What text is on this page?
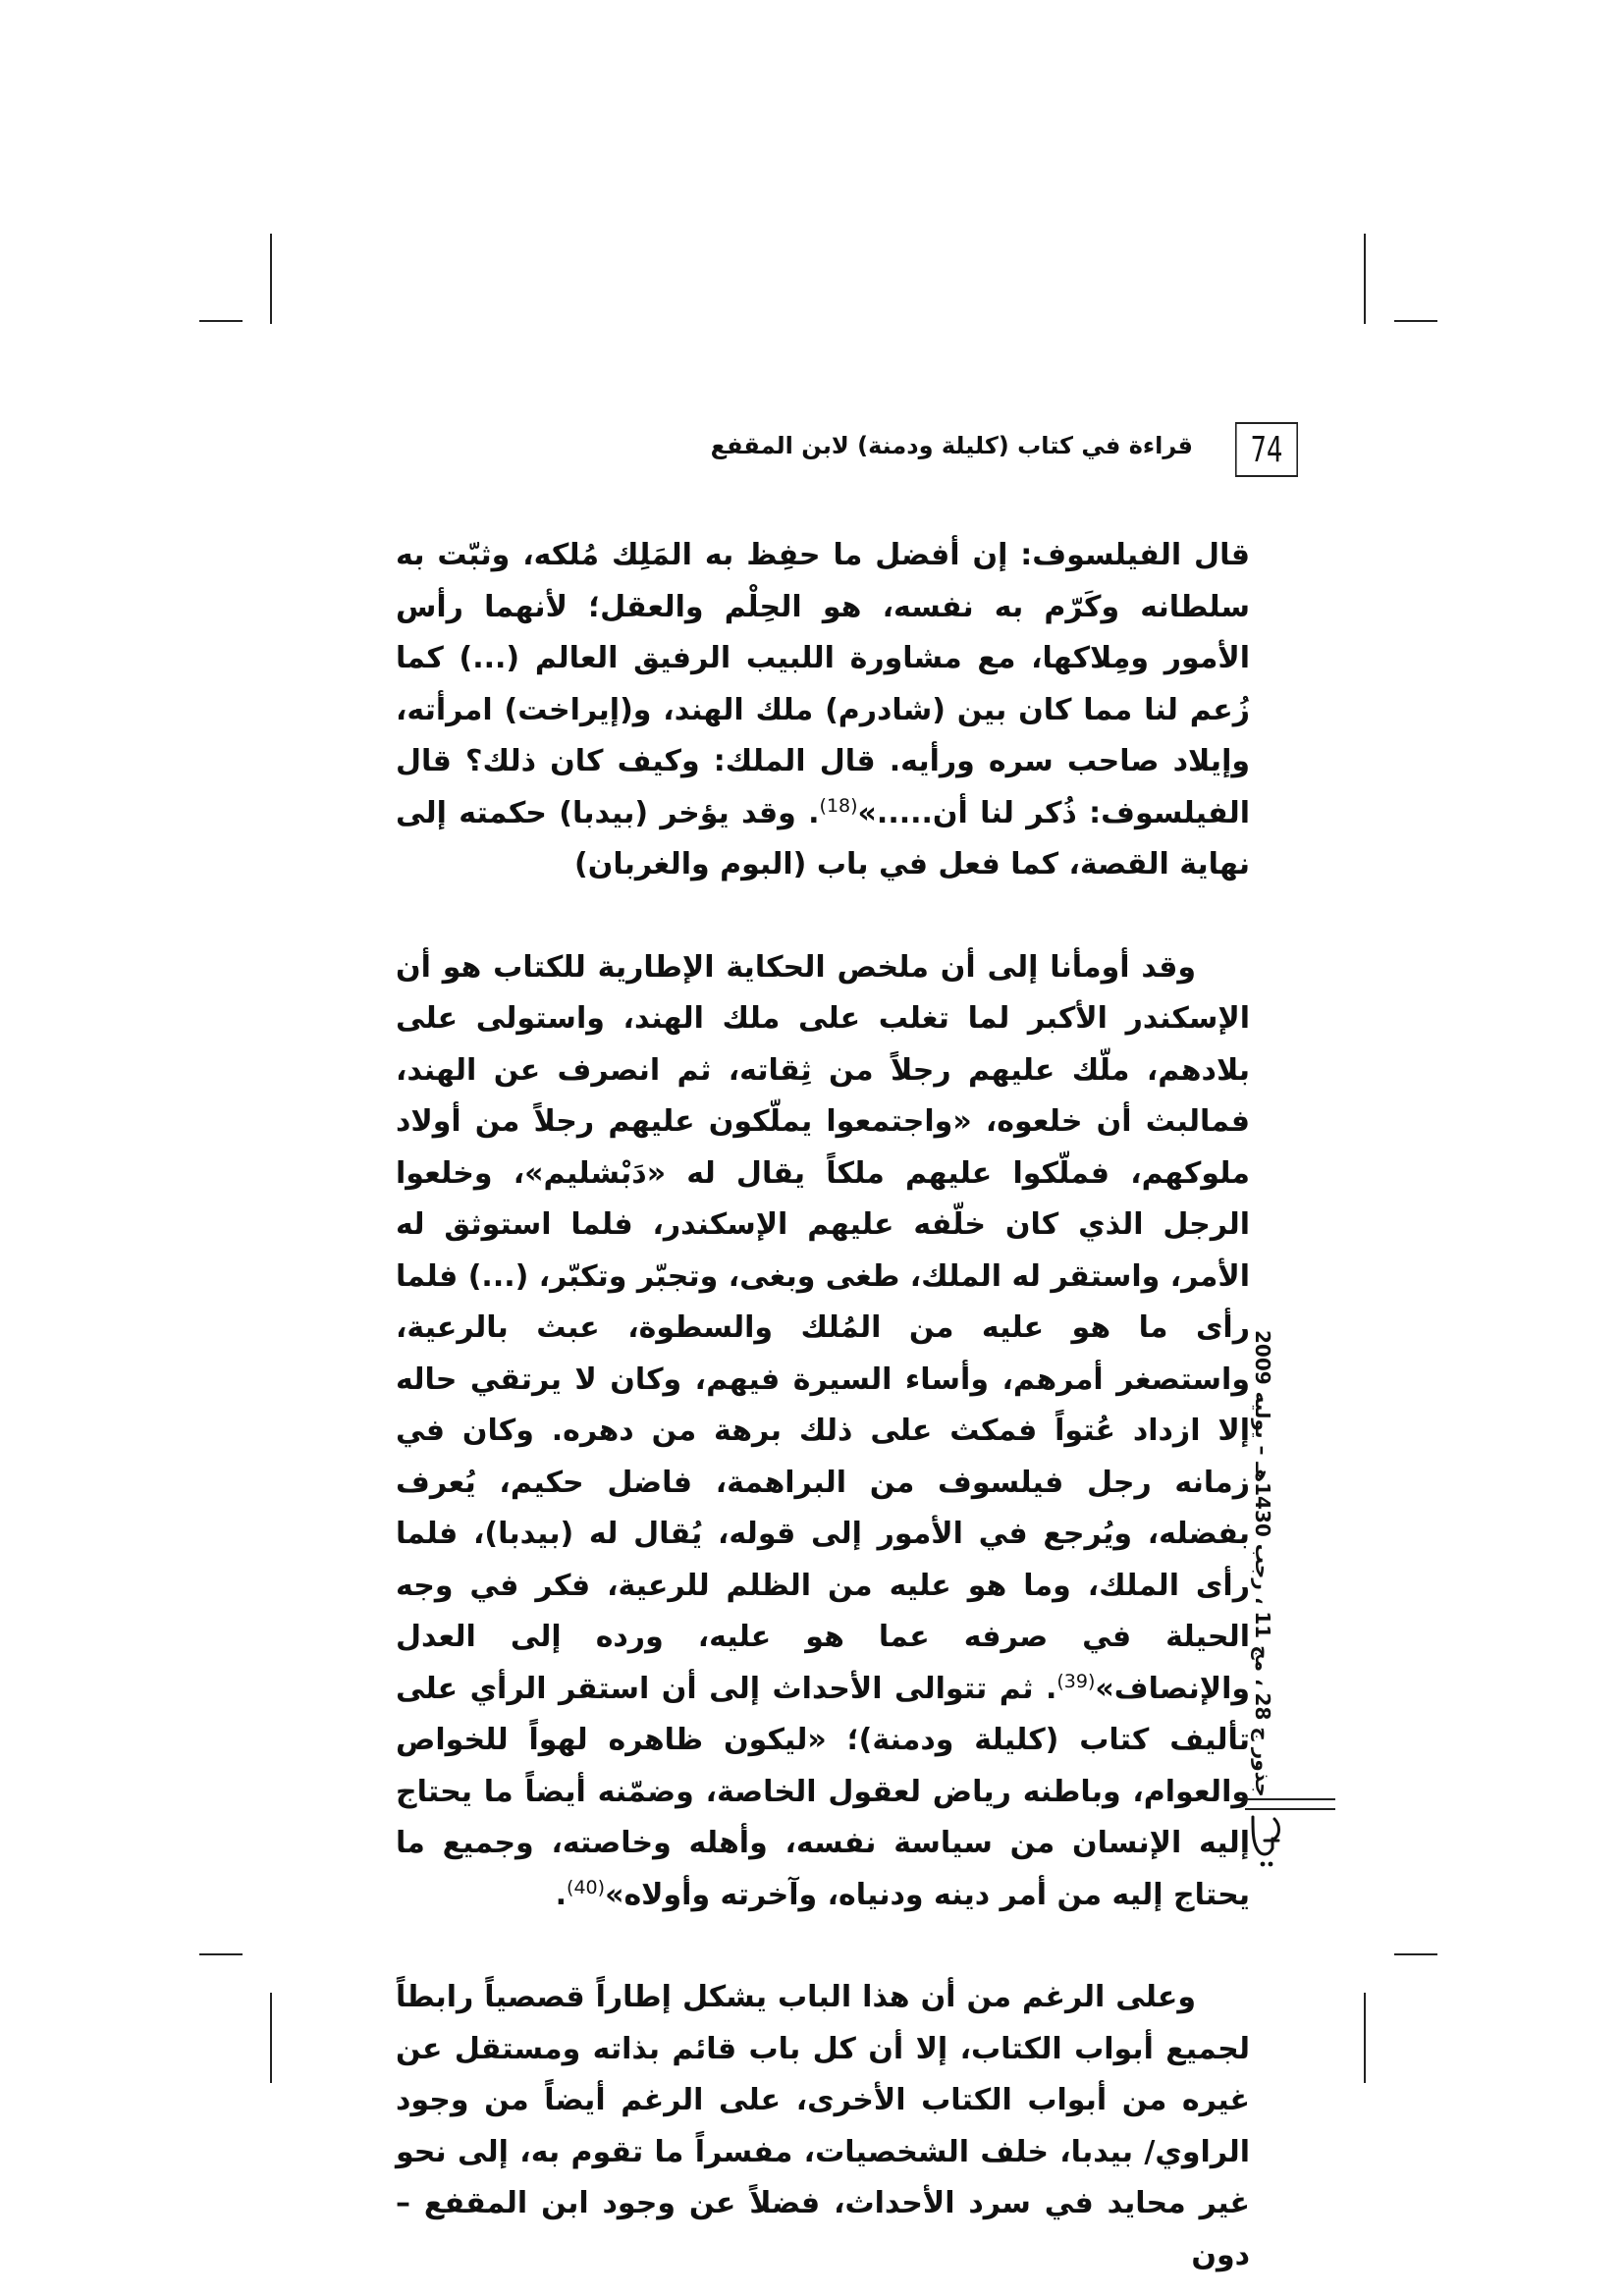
74
قراءة في كتاب (كليلة ودمنة) لابن المقفع

قال الفيلسوف: إن أفضل ما حفِظ به المَلِك مُلكه، وثبّت به سلطانه وكَرّم به نفسه، هو الحِلْم والعقل؛ لأنهما رأس الأمور ومِلاكها، مع مشاورة اللبيب الرفيق العالم (...) كما زُعم لنا مما كان بين (شادرم) ملك الهند، و(إيراخت) امرأته، وإيلاد صاحب سره ورأيه. قال الملك: وكيف كان ذلك؟ قال الفيلسوف: ذُكر لنا أن.....»$^{(18)}$. وقد يؤخر (بيدبا) حكمته إلى نهاية القصة، كما فعل في باب (البوم والغربان)

وقد أومأنا إلى أن ملخص الحكاية الإطارية للكتاب هو أن الإسكندر الأكبر لما تغلب على ملك الهند، واستولى على بلادهم، ملّك عليهم رجلاً من ثِقاته، ثم انصرف عن الهند، فمالبث أن خلعوه، «واجتمعوا يملّكون عليهم رجلاً من أولاد ملوكهم، فملّكوا عليهم ملكاً يقال له «دَبْشليم»، وخلعوا الرجل الذي كان خلّفه عليهم الإسكندر، فلما استوثق له الأمر، واستقر له الملك، طغى وبغى، وتجبّر وتكبّر، (...) فلما رأى ما هو عليه من المُلك والسطوة، عبث بالرعية، واستصغر أمرهم، وأساء السيرة فيهم، وكان لا يرتقي حاله إلا ازداد عُتواً فمكث على ذلك برهة من دهره. وكان في زمانه رجل فيلسوف من البراهمة، فاضل حكيم، يُعرف بفضله، ويُرجع في الأمور إلى قوله، يُقال له (بيدبا)، فلما رأى الملك، وما هو عليه من الظلم للرعية، فكر في وجه الحيلة في صرفه عما هو عليه، ورده إلى العدل والإنصاف»$^{(39)}$. ثم تتوالى الأحداث إلى أن استقر الرأي على تأليف كتاب (كليلة ودمنة)؛ «ليكون ظاهره لهواً للخواص والعوام، وباطنه رياض لعقول الخاصة، وضمّنه أيضاً ما يحتاج إليه الإنسان من سياسة نفسه، وأهله وخاصته، وجميع ما يحتاج إليه من أمر دينه ودنياه، وآخرته وأولاه»$^{(40)}$.

وعلى الرغم من أن هذا الباب يشكل إطاراً قصصياً رابطاً لجميع أبواب الكتاب، إلا أن كل باب قائم بذاته ومستقل عن غيره من أبواب الكتاب الأخرى، على الرغم أيضاً من وجود الراوي/ بيدبا، خلف الشخصيات، مفسراً ما تقوم به، إلى نحو غير محايد في سرد الأحداث، فضلاً عن وجود ابن المقفع – دون

جذور ج 28 ، مج 11 ، رجب 1430هـ – يوليه 2009
